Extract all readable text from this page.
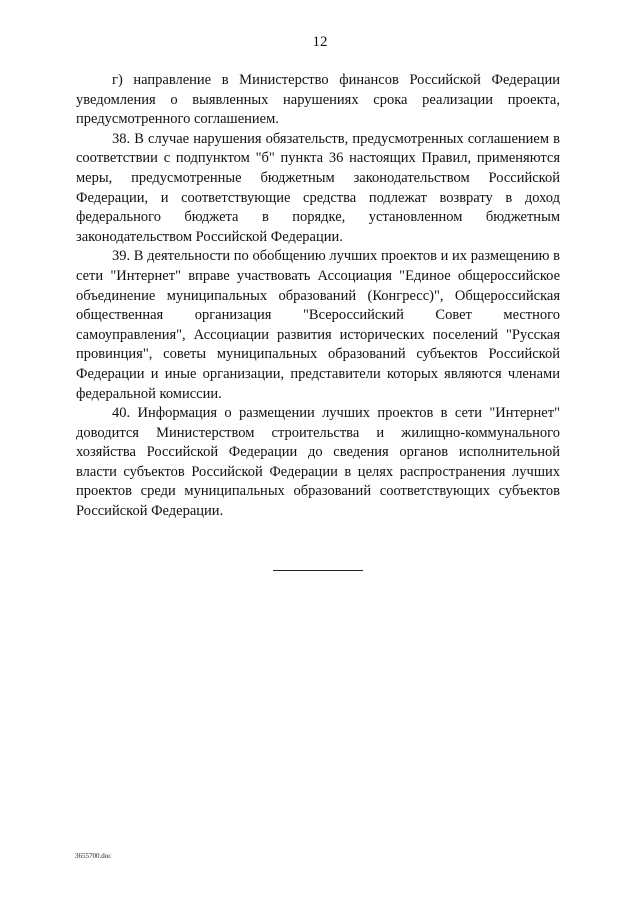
12

г) направление в Министерство финансов Российской Федерации уведомления о выявленных нарушениях срока реализации проекта, предусмотренного соглашением.

38. В случае нарушения обязательств, предусмотренных соглашением в соответствии с подпунктом "б" пункта 36 настоящих Правил, применяются меры, предусмотренные бюджетным законодательством Российской Федерации, и соответствующие средства подлежат возврату в доход федерального бюджета в порядке, установленном бюджетным законодательством Российской Федерации.

39. В деятельности по обобщению лучших проектов и их размещению в сети "Интернет" вправе участвовать Ассоциация "Единое общероссийское объединение муниципальных образований (Конгресс)", Общероссийская общественная организация "Всероссийский Совет местного самоуправления", Ассоциации развития исторических поселений "Русская провинция", советы муниципальных образований субъектов Российской Федерации и иные организации, представители которых являются членами федеральной комиссии.

40. Информация о размещении лучших проектов в сети "Интернет" доводится Министерством строительства и жилищно-коммунального хозяйства Российской Федерации до сведения органов исполнительной власти субъектов Российской Федерации в целях распространения лучших проектов среди муниципальных образований соответствующих субъектов Российской Федерации.

3655700.doc
